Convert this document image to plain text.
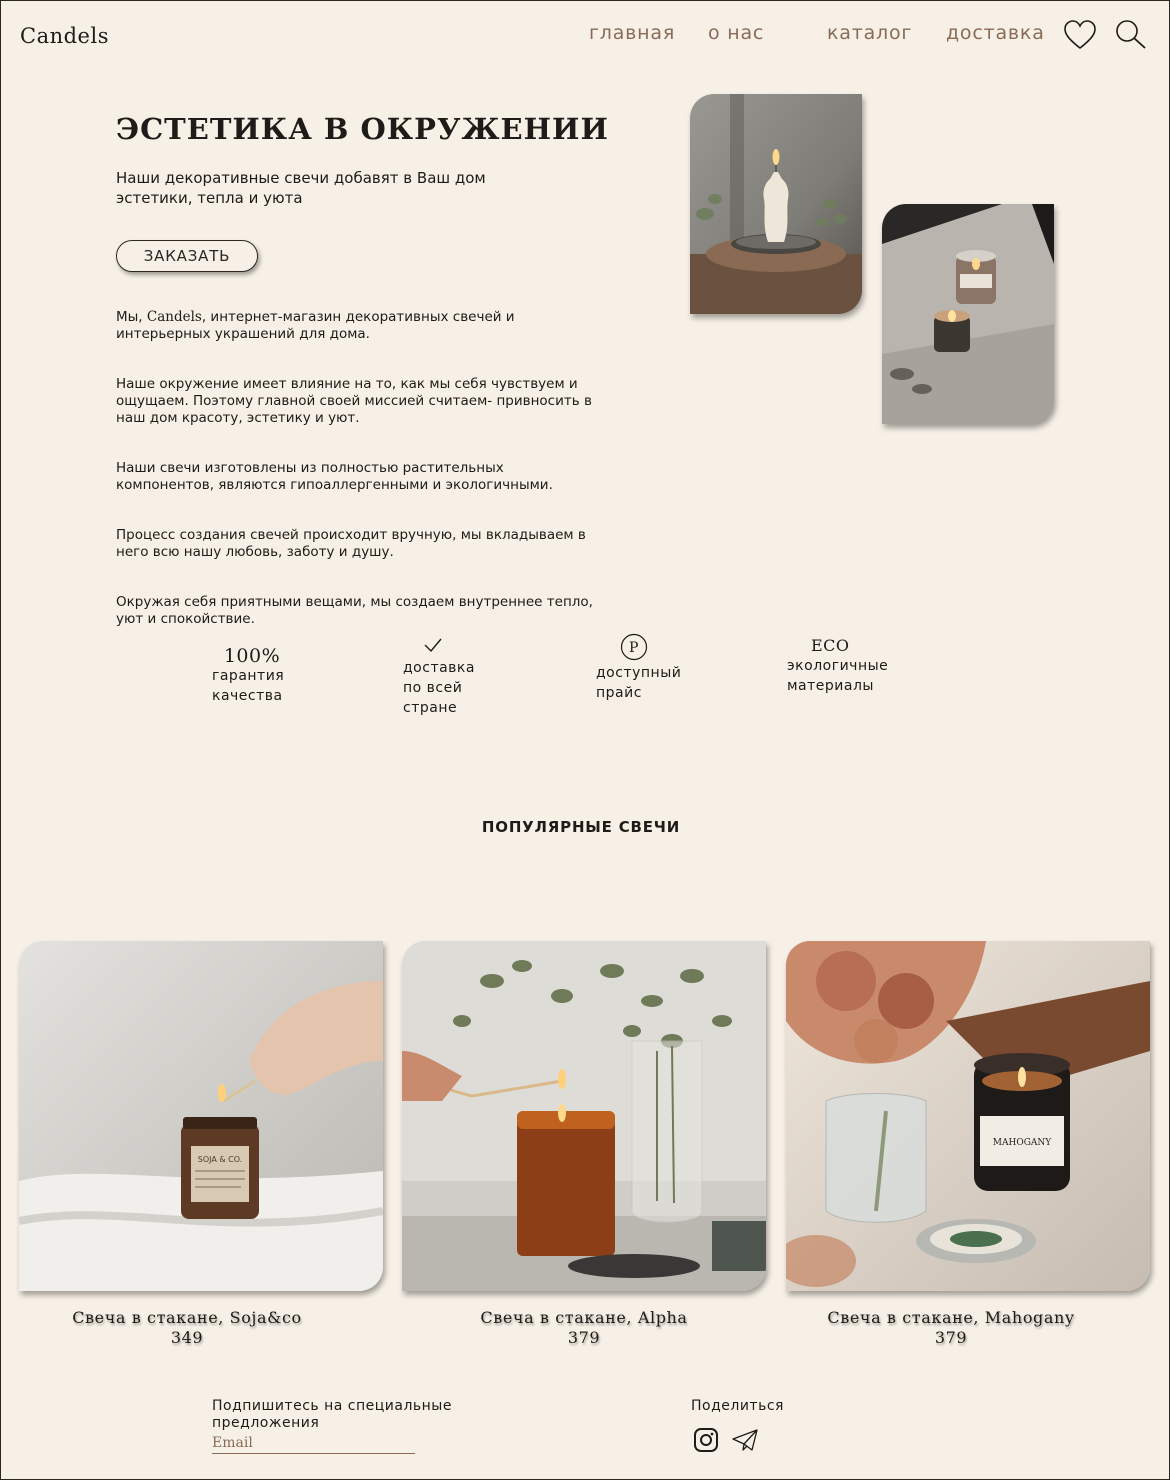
Candels	главная о нас	каталог доставка
ЭСТЕТИКА В ОКРУЖЕНИИ

Наши декоративные свечи добавят в Ваш дом эстетики, тепла и уюта

ЗАКАЗАТЬ

Мы, Candels, интернет-магазин декоративных свечей и интерьерных украшений для дома.

Наше окружение имеет влияние на то, как мы себя чувствуем и ощущаем. Поэтому главной своей миссией считаем- привносить в наш дом красоту, эстетику и уют.

Наши свечи изготовлены из полностью растительных компонентов, являются гипоаллергенными и экологичными.

Процесс создания свечей происходит вручную, мы вкладываем в него всю нашу любовь, заботу и душу.

Окружая себя приятными вещами, мы создаем внутреннее тепло, уют и спокойствие.

100%
гарантия
качества
доставка
по всей
стране
P
доступный
прайс
ECO
экологичные
материалы
ПОПУЛЯРНЫЕ СВЕЧИ
SOJA & CO.
MAHOGANY
Свеча в стакане, Soja&co
349
Свеча в стакане, Alpha
379
Свеча в стакане, Mahogany
379
Подпишитесь на специальные предложения
Email
Поделиться
